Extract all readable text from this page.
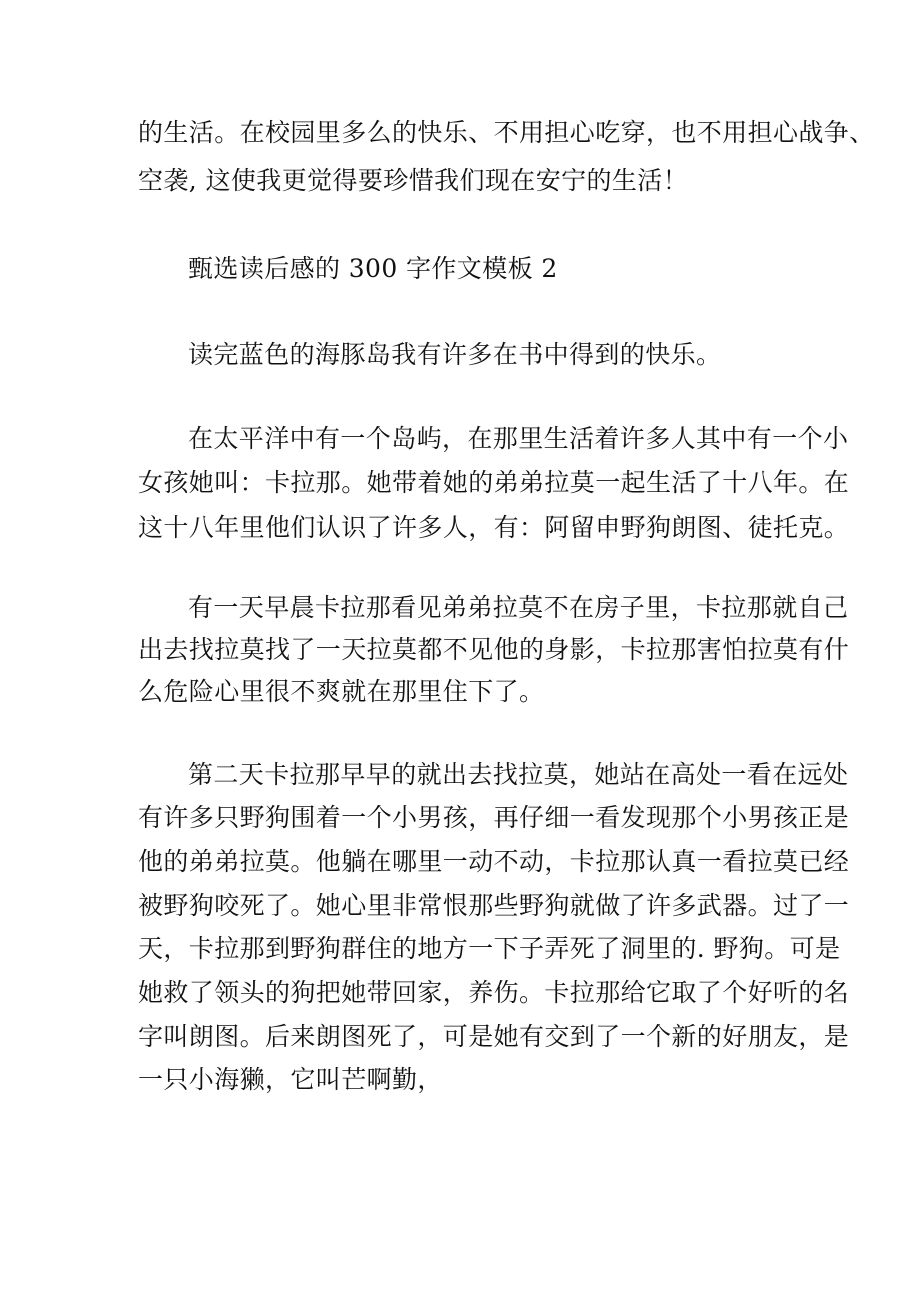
的生活。在校园里多么的快乐、不用担心吃穿，也不用担心战争、
空袭, 这使我更觉得要珍惜我们现在安宁的生活！
甄选读后感的 300 字作文模板 2
读完蓝色的海豚岛我有许多在书中得到的快乐。
在太平洋中有一个岛屿，在那里生活着许多人其中有一个小
女孩她叫：卡拉那。她带着她的弟弟拉莫一起生活了十八年。在
这十八年里他们认识了许多人，有：阿留申野狗朗图、徒托克。
有一天早晨卡拉那看见弟弟拉莫不在房子里，卡拉那就自己
出去找拉莫找了一天拉莫都不见他的身影，卡拉那害怕拉莫有什
么危险心里很不爽就在那里住下了。
第二天卡拉那早早的就出去找拉莫，她站在高处一看在远处
有许多只野狗围着一个小男孩，再仔细一看发现那个小男孩正是
他的弟弟拉莫。他躺在哪里一动不动，卡拉那认真一看拉莫已经
被野狗咬死了。她心里非常恨那些野狗就做了许多武器。过了一
天，卡拉那到野狗群住的地方一下子弄死了洞里的. 野狗。可是
她救了领头的狗把她带回家，养伤。卡拉那给它取了个好听的名
字叫朗图。后来朗图死了，可是她有交到了一个新的好朋友，是
一只小海獭，它叫芒啊勤，
